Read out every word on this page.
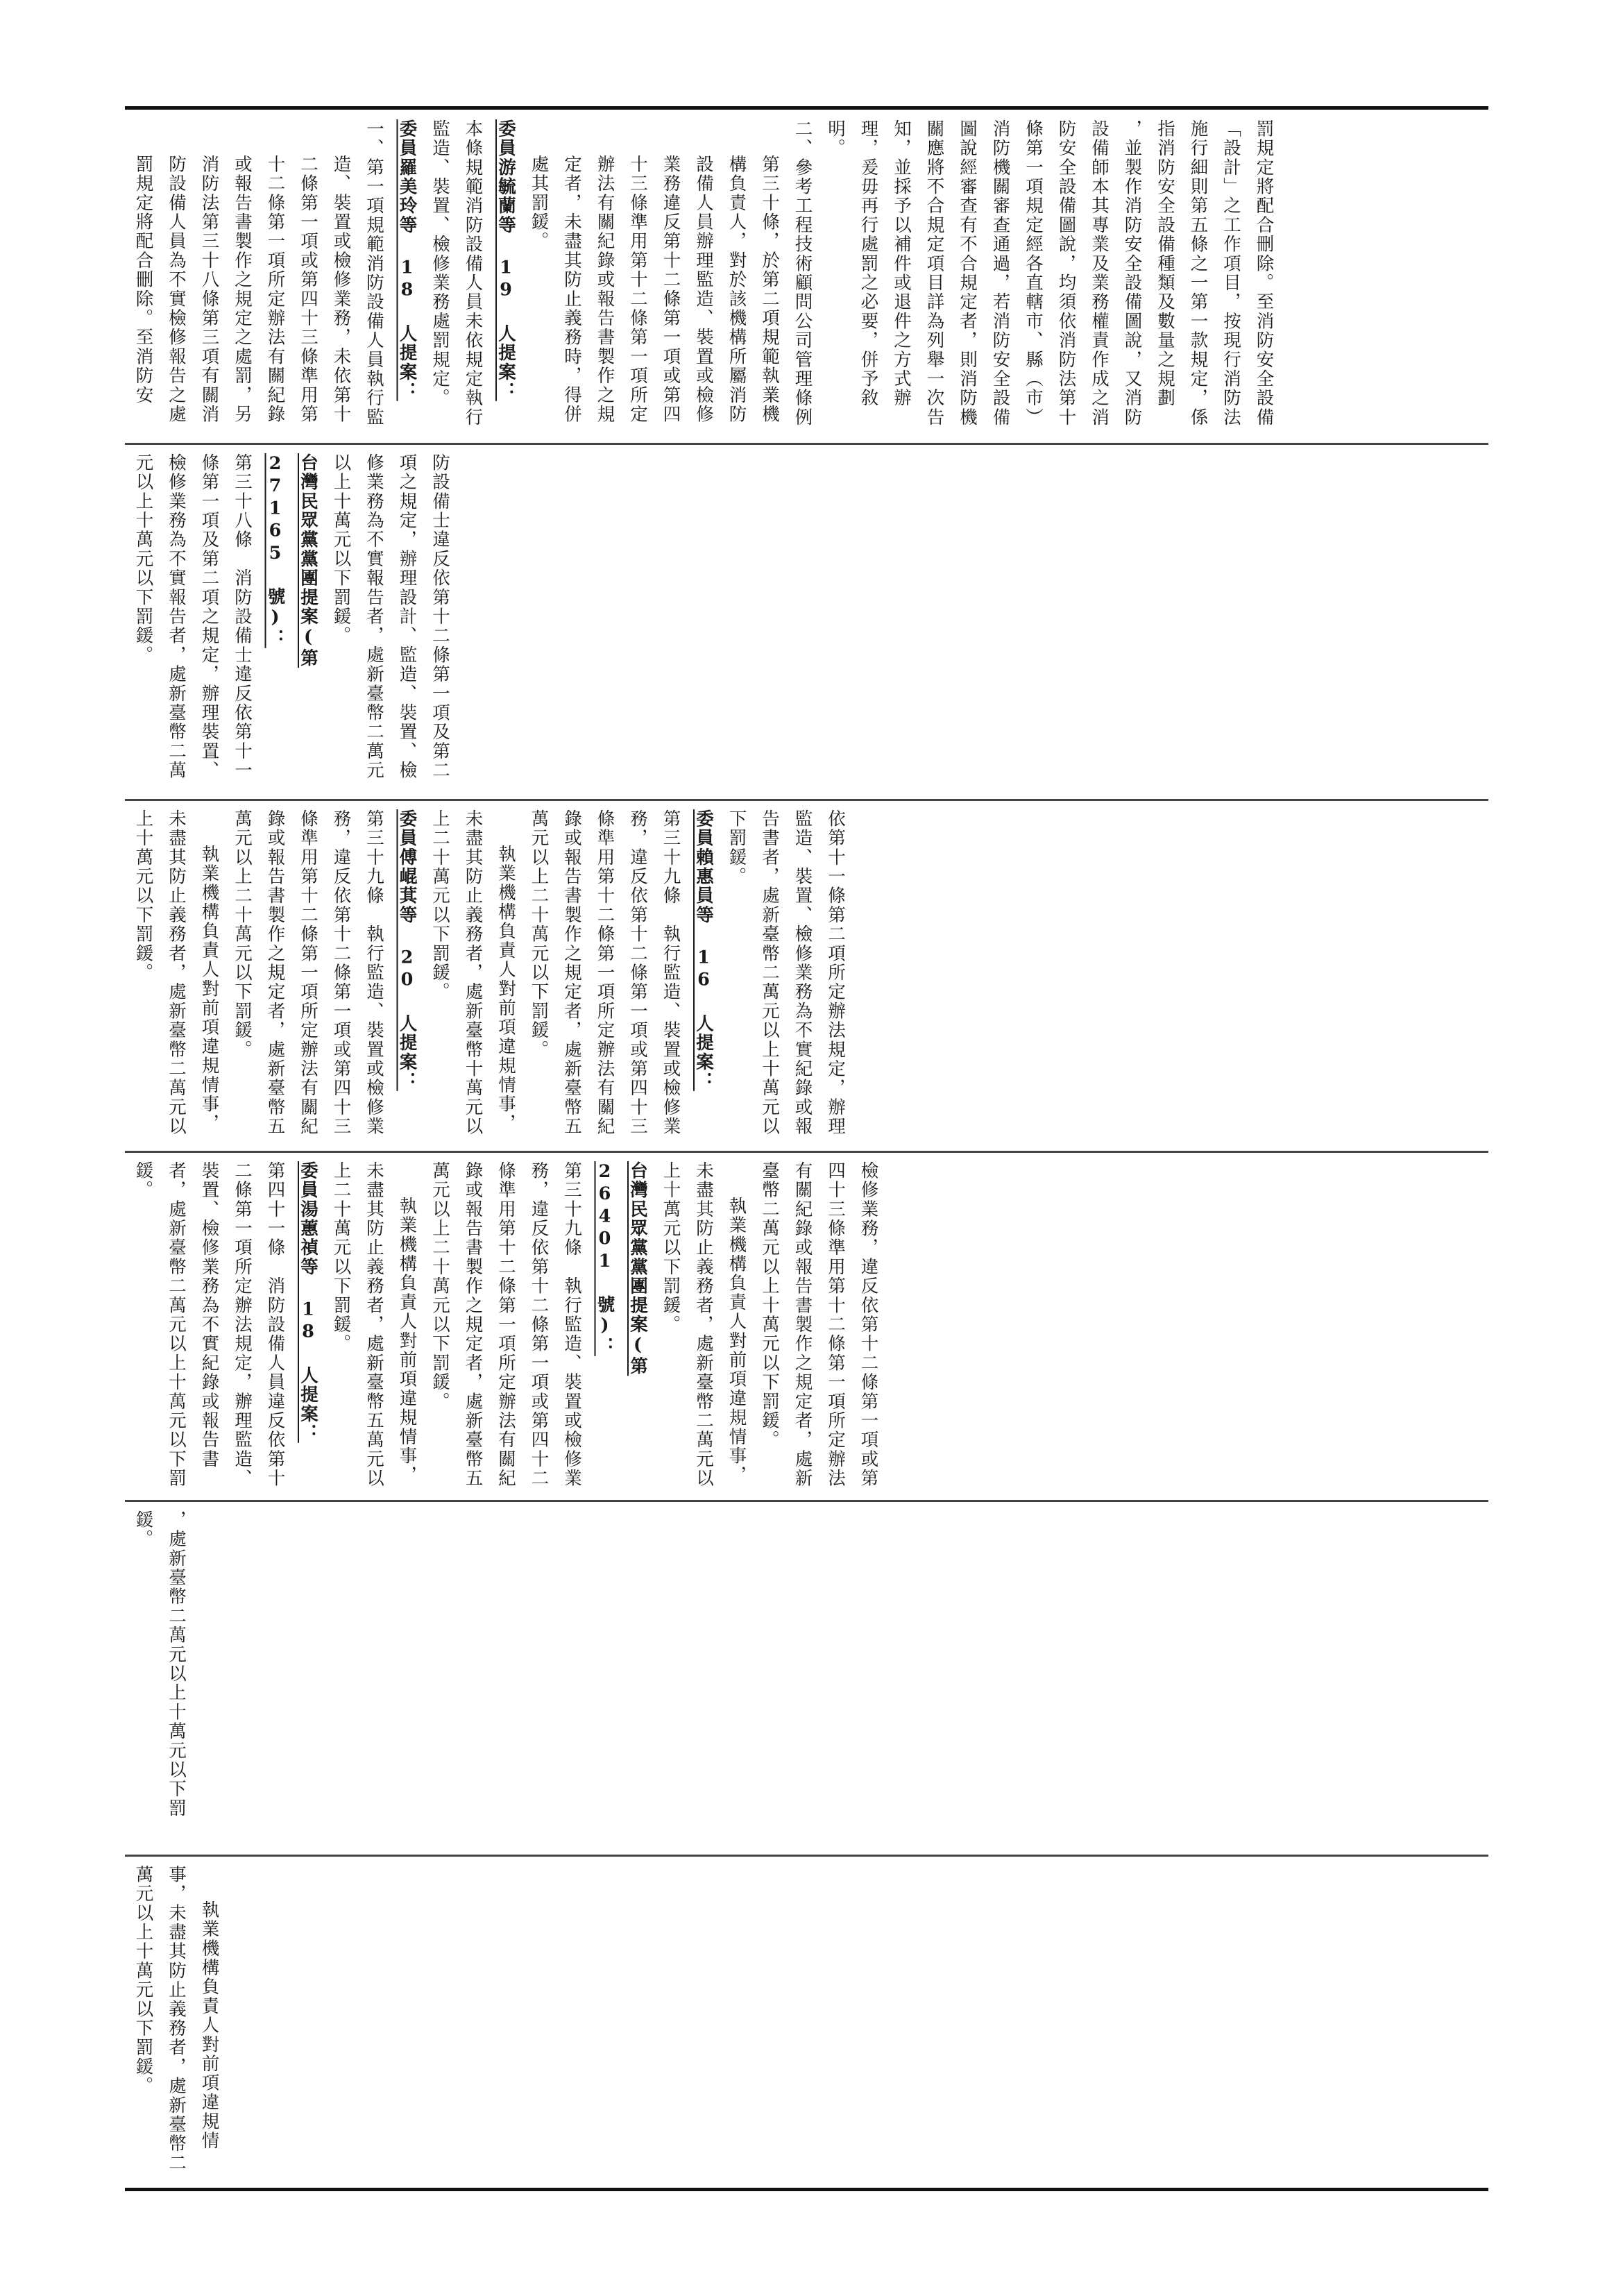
罰規定將配合刪除。至消防安全設備「設計」之工作項目，按現行消防法施行細則第五條之一第一款規定，係指消防安全設備種類及數量之規劃

，並製作消防安全設備圖說，又消防設備師本其專業及業務權責作成之消防安全設備圖說，均須依消防法第十條第一項規定經各直轄市、縣（市）消防機關審查通過，若消防安全設備圖說經審查有不合規定者，則消防機關應將不合規定項目詳為列舉一次告知，並採予以補件或退件之方式辦理，爰毋再行處罰之必要，併予敘明。

二、參考工程技術顧問公司管理條例第三十條，於第二項規範執業機構負責人，對於該機構所屬消防設備人員辦理監造、裝置或檢修業務違反第十二條第一項或第四十三條準用第十二條第一項所定辦法有關紀錄或報告書製作之規定者，未盡其防止義務時，得併處其罰鍰。

委員游毓蘭等 19 人提案：

本條規範消防設備人員未依規定執行監造、裝置、檢修業務處罰規定。

委員羅美玲等 18 人提案：

一、第一項規範消防設備人員執行監造、裝置或檢修業務，未依第十二條第一項或第四十三條準用第十二條第一項所定辦法有關紀錄或報告書製作之規定之處罰，另消防法第三十八條第三項有關消防設備人員為不實檢修報告之處罰規定將配合刪除。至消防安

防設備士違反依第十二條第一項及第二項之規定，辦理設計、監造、裝置、檢修業務為不實報告者，處新臺幣二萬元以上十萬元以下罰鍰。

台灣民眾黨黨團提案(第 27165 號)：

第三十八條　消防設備士違反依第十一條第一項及第二項之規定，辦理裝置、檢修業務為不實報告者，處新臺幣二萬元以上十萬元以下罰鍰。

依第十一條第二項所定辦法規定，辦理監造、裝置、檢修業務為不實紀錄或報告書者，處新臺幣二萬元以上十萬元以下罰鍰。

委員賴惠員等 16 人提案：

第三十九條　執行監造、裝置或檢修業務，違反依第十二條第一項或第四十三條準用第十二條第一項所定辦法有關紀錄或報告書製作之規定者，處新臺幣五萬元以上二十萬元以下罰鍰。

執業機構負責人對前項違規情事，未盡其防止義務者，處新臺幣十萬元以上二十萬元以下罰鍰。

委員傅崐萁等 20 人提案：

第三十九條　執行監造、裝置或檢修業務，違反依第十二條第一項或第四十三條準用第十二條第一項所定辦法有關紀錄或報告書製作之規定者，處新臺幣五萬元以上二十萬元以下罰鍰。

執業機構負責人對前項違規情事，未盡其防止義務者，處新臺幣二萬元以上十萬元以下罰鍰。

檢修業務，違反依第十二條第一項或第四十三條準用第十二條第一項所定辦法有關紀錄或報告書製作之規定者，處新臺幣二萬元以上十萬元以下罰鍰。

執業機構負責人對前項違規情事，未盡其防止義務者，處新臺幣二萬元以上十萬元以下罰鍰。

台灣民眾黨黨團提案(第 26401 號)：

第三十九條　執行監造、裝置或檢修業務，違反依第十二條第一項或第四十二條準用第十二條第一項所定辦法有關紀錄或報告書製作之規定者，處新臺幣五萬元以上二十萬元以下罰鍰。

執業機構負責人對前項違規情事，未盡其防止義務者，處新臺幣五萬元以上二十萬元以下罰鍰。

委員湯蕙禎等 18 人提案：

第四十一條　消防設備人員違反依第十二條第一項所定辦法規定，辦理監造、裝置、檢修業務為不實紀錄或報告書者，處新臺幣二萬元以上十萬元以下罰鍰。

，處新臺幣二萬元以上十萬元以下罰鍰。

執業機構負責人對前項違規情事，未盡其防止義務者，處新臺幣二萬元以上十萬元以下罰鍰。
